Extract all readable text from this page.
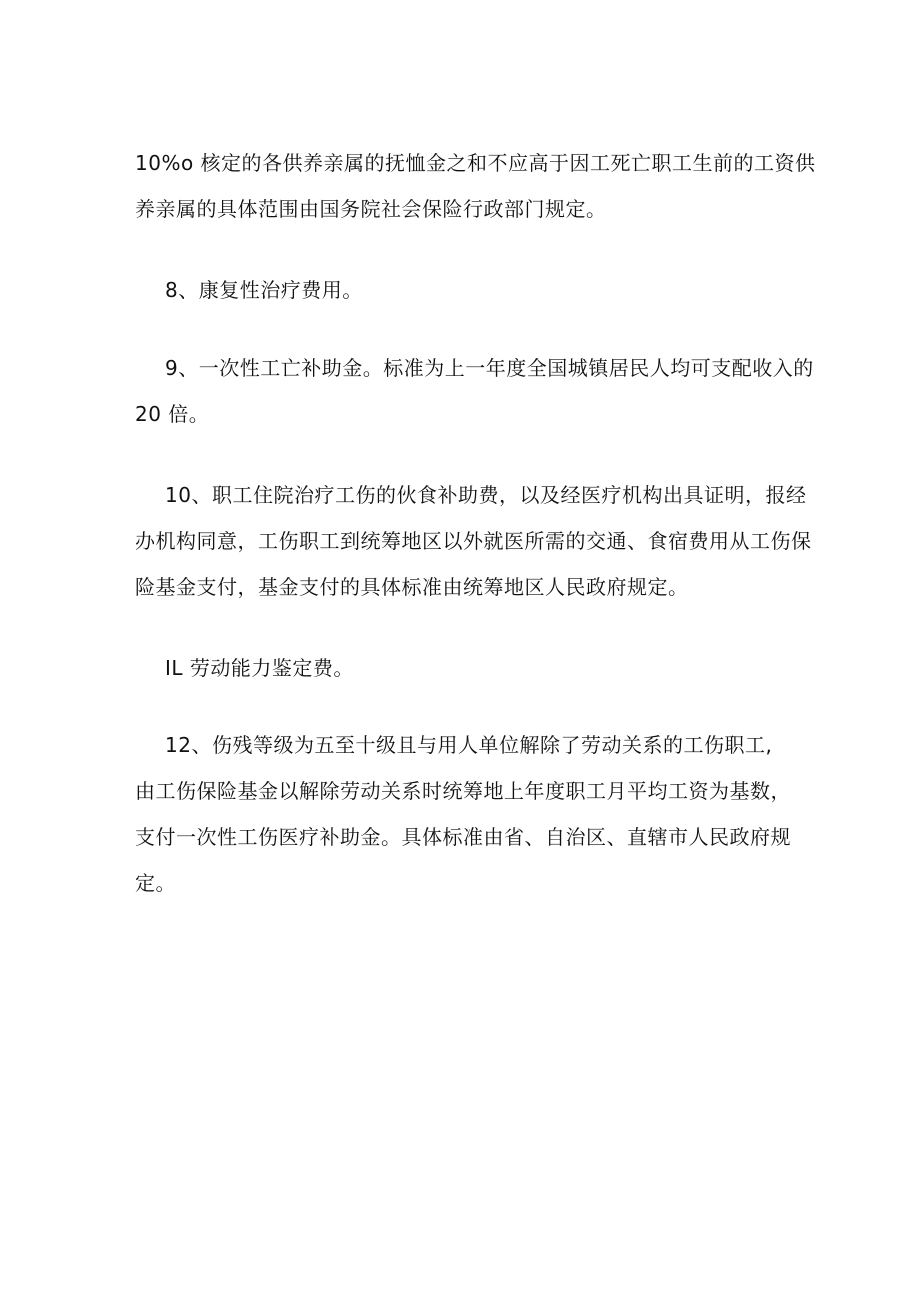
10%o 核定的各供养亲属的抚恤金之和不应高于因工死亡职工生前的工资供
养亲属的具体范围由国务院社会保险行政部门规定。
8、康复性治疗费用。
9、一次性工亡补助金。标准为上一年度全国城镇居民人均可支配收入的
20 倍。
10、职工住院治疗工伤的伙食补助费，以及经医疗机构出具证明，报经
办机构同意，工伤职工到统筹地区以外就医所需的交通、食宿费用从工伤保
险基金支付，基金支付的具体标准由统筹地区人民政府规定。
IL 劳动能力鉴定费。
12、伤残等级为五至十级且与用人单位解除了劳动关系的工伤职工,
由工伤保险基金以解除劳动关系时统筹地上年度职工月平均工资为基数，
支付一次性工伤医疗补助金。具体标准由省、自治区、直辖市人民政府规
定。
